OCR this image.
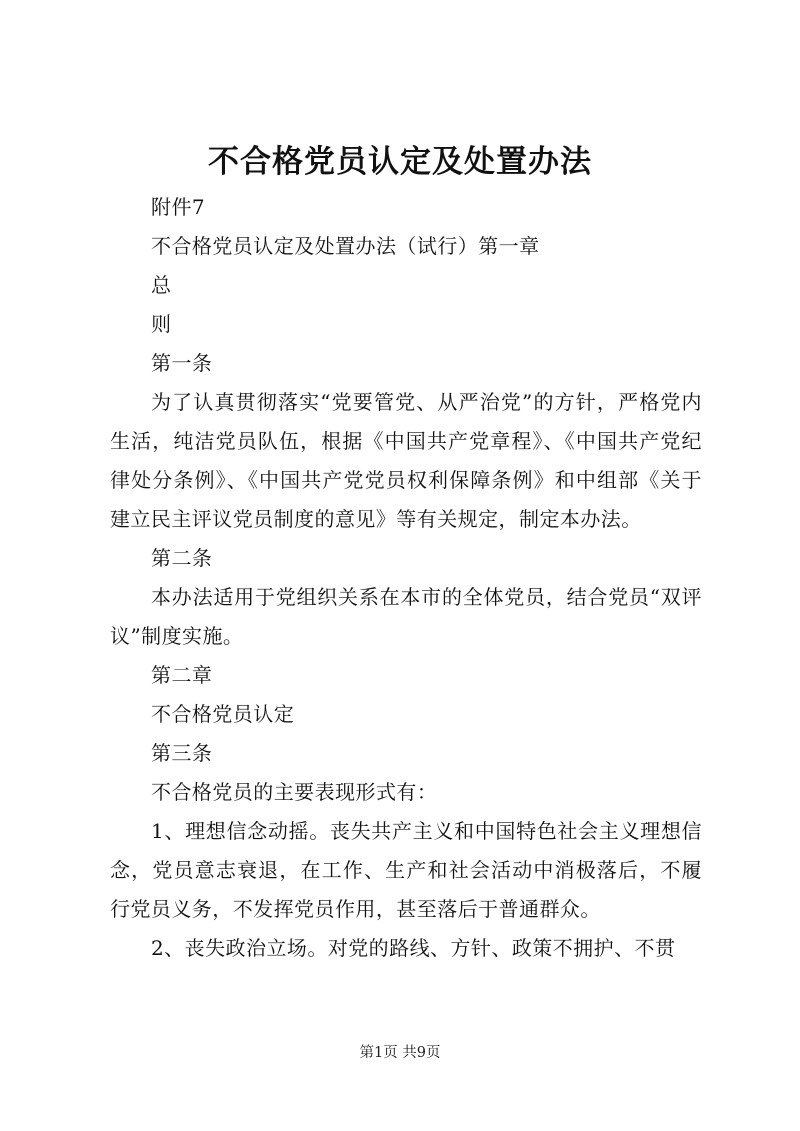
不合格党员认定及处置办法

附件7

不合格党员认定及处置办法（试行）第一章

总

则

第一条

为了认真贯彻落实“党要管党、从严治党”的方针，严格党内生活，纯洁党员队伍，根据《中国共产党章程》、《中国共产党纪律处分条例》、《中国共产党党员权利保障条例》和中组部《关于建立民主评议党员制度的意见》等有关规定，制定本办法。

第二条

本办法适用于党组织关系在本市的全体党员，结合党员“双评议”制度实施。

第二章

不合格党员认定

第三条

不合格党员的主要表现形式有：

1、理想信念动摇。丧失共产主义和中国特色社会主义理想信念，党员意志衰退，在工作、生产和社会活动中消极落后，不履行党员义务，不发挥党员作用，甚至落后于普通群众。

2、丧失政治立场。对党的路线、方针、政策不拥护、不贯

第1页 共9页
